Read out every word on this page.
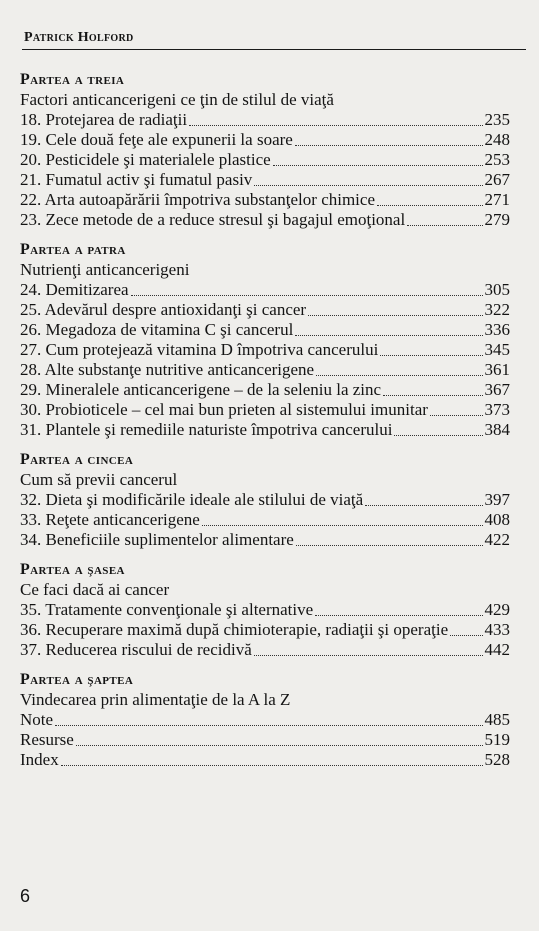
Patrick Holford
Partea a treia
Factori anticancerigeni ce ţin de stilul de viaţă
18. Protejarea de radiaţii	235
19. Cele două feţe ale expunerii la soare	248
20. Pesticidele şi materialele plastice	253
21. Fumatul activ şi fumatul pasiv	267
22. Arta autoapărării împotriva substanţelor chimice	271
23. Zece metode de a reduce stresul şi bagajul emoţional	279
Partea a patra
Nutrienţi anticancerigeni
24. Demitizarea	305
25. Adevărul despre antioxidanţi şi cancer	322
26. Megadoza de vitamina C şi cancerul	336
27. Cum protejează vitamina D împotriva cancerului	345
28. Alte substanţe nutritive anticancerigene	361
29. Mineralele anticancerigene – de la seleniu la zinc	367
30. Probioticele – cel mai bun prieten al sistemului imunitar	373
31. Plantele şi remediile naturiste împotriva cancerului	384
Partea a cincea
Cum să previi cancerul
32. Dieta şi modificările ideale ale stilului de viaţă	397
33. Reţete anticancerigene	408
34. Beneficiile suplimentelor alimentare	422
Partea a şasea
Ce faci dacă ai cancer
35. Tratamente convenţionale şi alternative	429
36. Recuperare maximă după chimioterapie, radiaţii şi operaţie 433
37. Reducerea riscului de recidivă	442
Partea a şaptea
Vindecarea prin alimentaţie de la A la Z
Note	485
Resurse	519
Index	528
6
